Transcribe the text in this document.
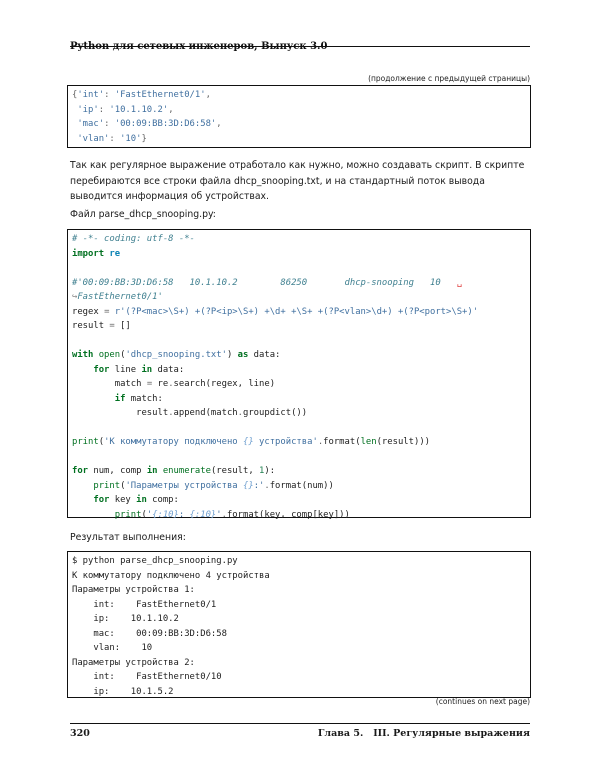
(продолжение с предыдущей страницы)
{'int': 'FastEthernet0/1',
'ip': '10.1.10.2',
'mac': '00:09:BB:3D:D6:58',
'vlan': '10'}
Так как регулярное выражение отработало как нужно, можно создавать скрипт. В скрипте перебираются все строки файла dhcp_snooping.txt, и на стандартный поток вывода выводится информация об устройствах.
Файл parse_dhcp_snooping.py:
# -*- coding: utf-8 -*-
import re

#'00:09:BB:3D:D6:58   10.1.10.2        86250       dhcp-snooping   10 ␣
↪FastEthernet0/1'
regex = r'(?P<mac>\S+) +(?P<ip>\S+) +\d+ +\S+ +(?P<vlan>\d+) +(?P<port>\S+)'
result = []

with open('dhcp_snooping.txt') as data:
for line in data:
match = re.search(regex, line)
if match:
result.append(match.groupdict())

print('К коммутатору подключено {} устройства'.format(len(result)))

for num, comp in enumerate(result, 1):
print('Параметры устройства {}:'.format(num))
for key in comp:
print('{:10}: {:10}'.format(key, comp[key]))
Результат выполнения:
$ python parse_dhcp_snooping.py
К коммутатору подключено 4 устройства
Параметры устройства 1:
int:    FastEthernet0/1
ip:    10.1.10.2
mac:    00:09:BB:3D:D6:58
vlan:    10
Параметры устройства 2:
int:    FastEthernet0/10
ip:    10.1.5.2
(continues on next page)
320	Глава 5.   III. Регулярные выражения
